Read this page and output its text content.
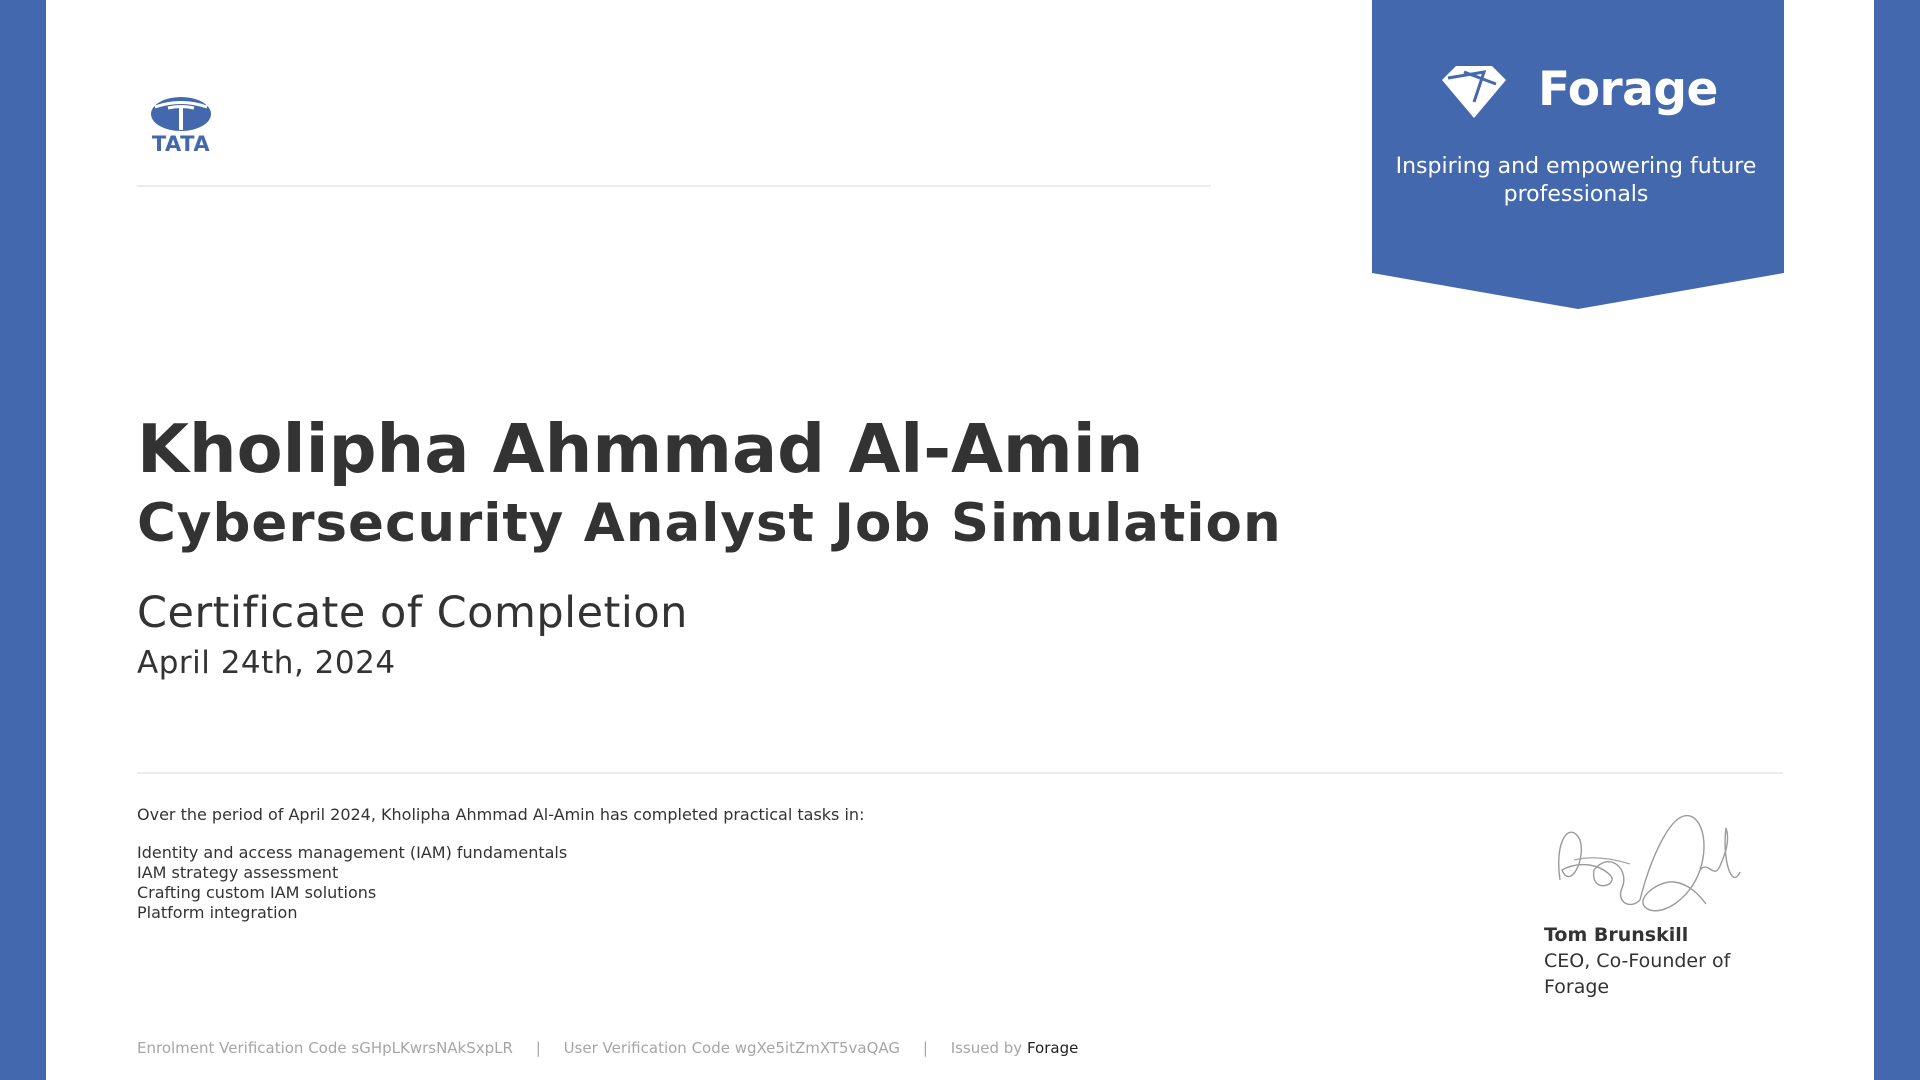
TATA
Forage
Inspiring and empowering future professionals
Kholipha Ahmmad Al-Amin
Cybersecurity Analyst Job Simulation
Certificate of Completion
April 24th, 2024
Over the period of April 2024, Kholipha Ahmmad Al-Amin has completed practical tasks in:
Identity and access management (IAM) fundamentals
IAM strategy assessment
Crafting custom IAM solutions
Platform integration
Tom Brunskill
CEO, Co-Founder of Forage
Enrolment Verification Code sGHpLKwrsNAkSxpLR | User Verification Code wgXe5itZmXT5vaQAG | Issued by Forage
